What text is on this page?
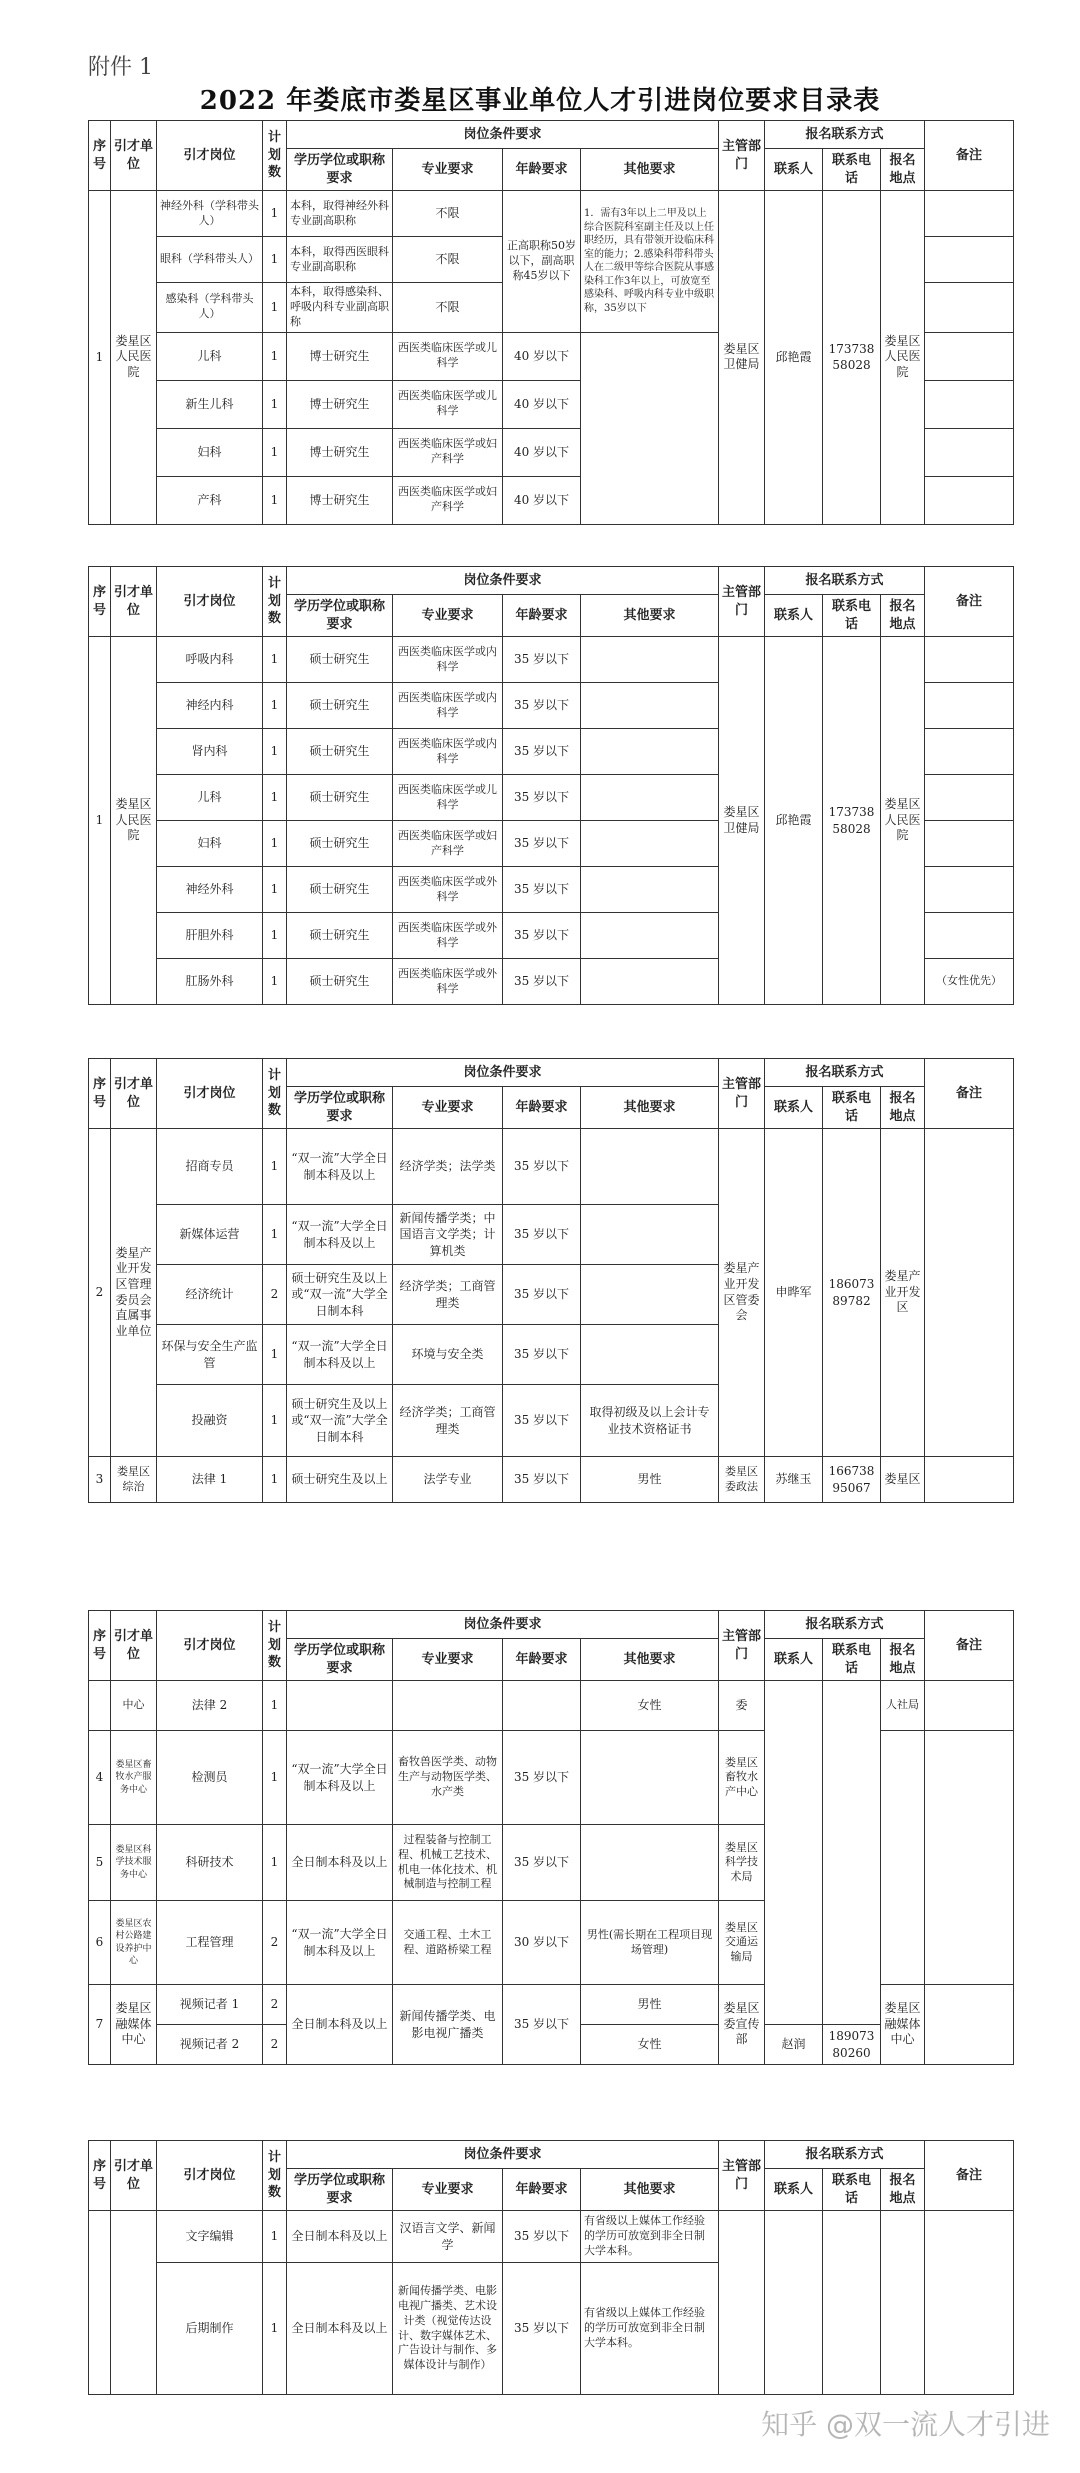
附件 1
2022 年娄底市娄星区事业单位人才引进岗位要求目录表
序号	引才单位	引才岗位	计划数	岗位条件要求				主管部门	报名联系方式			备注
				学历学位或职称要求	专业要求	年龄要求	其他要求		联系人	联系电话	报名地点	
1	娄星区人民医院	神经外科（学科带头人）	1	本科，取得神经外科专业副高职称	不限	正高职称50岁以下，副高职称45岁以下	1．需有3年以上二甲及以上综合医院科室副主任及以上任职经历，具有带领开设临床科室的能力；2.感染科带科带头人在二级甲等综合医院从事感染科工作3年以上，可放宽至感染科、呼吸内科专业中级职称，35岁以下	娄星区卫健局	邱艳霞	17373858028	娄星区人民医院	
		眼科（学科带头人）	1	本科，取得西医眼科专业副高职称	不限							
		感染科（学科带头人）	1	本科，取得感染科、呼吸内科专业副高职称	不限							
		儿科	1	博士研究生	西医类临床医学或儿科学	40 岁以下						
		新生儿科	1	博士研究生	西医类临床医学或儿科学	40 岁以下						
		妇科	1	博士研究生	西医类临床医学或妇产科学	40 岁以下						
		产科	1	博士研究生	西医类临床医学或妇产科学	40 岁以下						
序号	引才单位	引才岗位	计划数	岗位条件要求				主管部门	报名联系方式			备注
				学历学位或职称要求	专业要求	年龄要求	其他要求		联系人	联系电话	报名地点	
1	娄星区人民医院	呼吸内科	1	硕士研究生	西医类临床医学或内科学	35 岁以下		娄星区卫健局	邱艳霞	17373858028	娄星区人民医院	
		神经内科	1	硕士研究生	西医类临床医学或内科学	35 岁以下						
		肾内科	1	硕士研究生	西医类临床医学或内科学	35 岁以下						
		儿科	1	硕士研究生	西医类临床医学或儿科学	35 岁以下						
		妇科	1	硕士研究生	西医类临床医学或妇产科学	35 岁以下						
		神经外科	1	硕士研究生	西医类临床医学或外科学	35 岁以下						
		肝胆外科	1	硕士研究生	西医类临床医学或外科学	35 岁以下						
		肛肠外科	1	硕士研究生	西医类临床医学或外科学	35 岁以下						（女性优先）
序号	引才单位	引才岗位	计划数	岗位条件要求				主管部门	报名联系方式			备注
				学历学位或职称要求	专业要求	年龄要求	其他要求		联系人	联系电话	报名地点	
2	娄星产业开发区管理委员会直属事业单位	招商专员	1	“双一流”大学全日制本科及以上	经济学类；法学类	35 岁以下		娄星产业开发区管委会	申晔军	18607389782	娄星产业开发区	
		新媒体运营	1	“双一流”大学全日制本科及以上	新闻传播学类；中国语言文学类；计算机类	35 岁以下						
		经济统计	2	硕士研究生及以上或“双一流”大学全日制本科	经济学类；工商管理类	35 岁以下						
		环保与安全生产监管	1	“双一流”大学全日制本科及以上	环境与安全类	35 岁以下						
		投融资	1	硕士研究生及以上或“双一流”大学全日制本科	经济学类；工商管理类	35 岁以下	取得初级及以上会计专业技术资格证书					
3	娄星区综治	法律 1	1	硕士研究生及以上	法学专业	35 岁以下	男性	娄星区委政法	苏继玉	16673895067	娄星区	
序号	引才单位	引才岗位	计划数	岗位条件要求				主管部门	报名联系方式			备注
				学历学位或职称要求	专业要求	年龄要求	其他要求		联系人	联系电话	报名地点	
	中心	法律 2	1				女性	委			人社局	
4	娄星区畜牧水产服务中心	检测员	1	“双一流”大学全日制本科及以上	畜牧兽医学类、动物生产与动物医学类、水产类	35 岁以下		娄星区畜牧水产中心				
5	娄星区科学技术服务中心	科研技术	1	全日制本科及以上	过程装备与控制工程、机械工艺技术、机电一体化技术、机械制造与控制工程	35 岁以下		娄星区科学技术局				
6	娄星区农村公路建设养护中心	工程管理	2	“双一流”大学全日制本科及以上	交通工程、土木工程、道路桥梁工程	30 岁以下	男性(需长期在工程项目现场管理)	娄星区交通运输局				
7	娄星区融媒体中心	视频记者 1	2	全日制本科及以上	新闻传播学类、电影电视广播类	35 岁以下	男性	娄星区委宣传部			娄星区融媒体中心	
		视频记者 2	2				女性		赵润	18907380260		
序号	引才单位	引才岗位	计划数	岗位条件要求				主管部门	报名联系方式			备注
				学历学位或职称要求	专业要求	年龄要求	其他要求		联系人	联系电话	报名地点	
		文字编辑	1	全日制本科及以上	汉语言文学、新闻学	35 岁以下	有省级以上媒体工作经验的学历可放宽到非全日制大学本科。					
		后期制作	1	全日制本科及以上	新闻传播学类、电影电视广播类、艺术设计类（视觉传达设计、数字媒体艺术、广告设计与制作、多媒体设计与制作）	35 岁以下	有省级以上媒体工作经验的学历可放宽到非全日制大学本科。					
知乎 @双一流人才引进
